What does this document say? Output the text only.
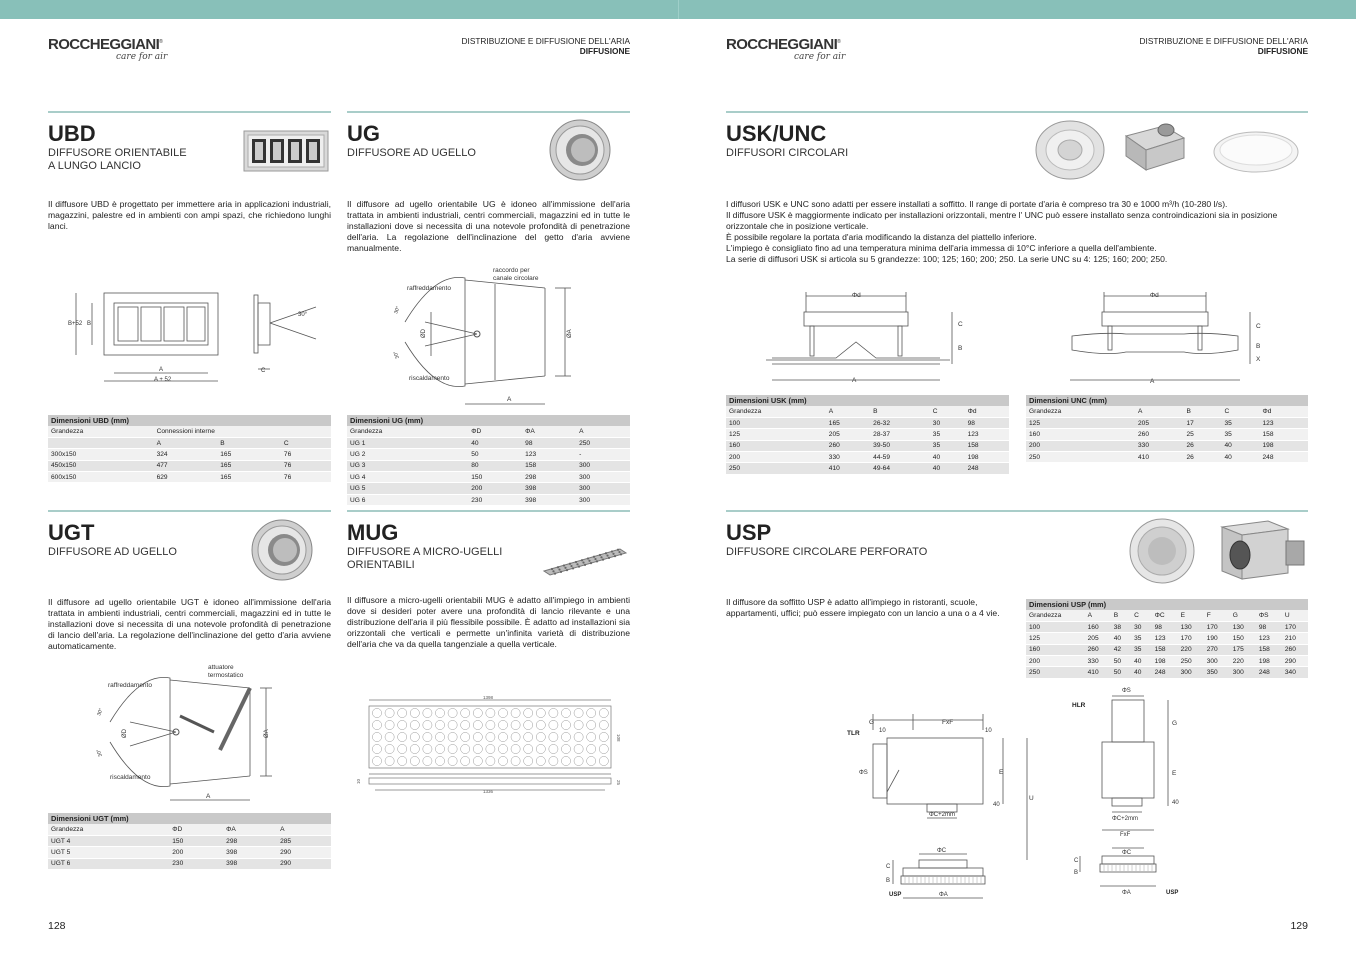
ROCCHEGGIANI®
care for air
DISTRIBUZIONE E DIFFUSIONE DELL'ARIA
DIFFUSIONE
UBD
DIFFUSORE ORIENTABILE
A LUNGO LANCIO
Il diffusore UBD è progettato per immettere aria in applicazioni industriali, magazzini, palestre ed in ambienti con ampi spazi, che richiedono lunghi lanci.
B+52 B
A
A + 52
C
30°
Dimensioni UBD (mm)			
Grandezza	Connessioni interne		
	A	B	C
300x150	324	165	76
450x150	477	165	76
600x150	629	165	76
UG
DIFFUSORE AD UGELLO
Il diffusore ad ugello orientabile UG è idoneo all'immissione dell'aria trattata in ambienti industriali, centri commerciali, magazzini ed in tutte le installazioni dove si necessita di una notevole profondità di penetrazione dell'aria. La regolazione dell'inclinazione del getto d'aria avviene manualmente.
raccordo per
canale circolare
raffreddamento
riscaldamento
ØD	ØA
A
30°
30°
Dimensioni UG (mm)			
Grandezza	ΦD	ΦA	A
UG 1	40	98	250
UG 2	50	123	-
UG 3	80	158	300
UG 4	150	298	300
UG 5	200	398	300
UG 6	230	398	300
UGT
DIFFUSORE AD UGELLO
Il diffusore ad ugello orientabile UGT è idoneo all'immissione dell'aria trattata in ambienti industriali, centri commerciali, magazzini ed in tutte le installazioni dove si necessita di una notevole profondità di penetrazione di lancio dell'aria. La regolazione dell'inclinazione del getto d'aria avviene automaticamente.
attuatore
termostatico
raffreddamento
riscaldamento
ØD	ØA
A
30°
30°
Dimensioni UGT (mm)			
Grandezza	ΦD	ΦA	A
UGT 4	150	298	285
UGT 5	200	398	290
UGT 6	230	398	290
MUG
DIFFUSORE A MICRO-UGELLI
ORIENTABILI
Il diffusore a micro-ugelli orientabili MUG è adatto all'impiego in ambienti dove si desideri poter avere una profondità di lancio rilevante e una distribuzione dell'aria il più flessibile possibile. È adatto ad installazioni sia orizzontali che verticali e permette un'infinita varietà di distribuzione dell'aria che va da quella tangenziale a quella verticale.
1398
1336
108
25
10
128
ROCCHEGGIANI®
care for air
DISTRIBUZIONE E DIFFUSIONE DELL'ARIA
DIFFUSIONE
USK/UNC
DIFFUSORI CIRCOLARI
I diffusori USK e UNC sono adatti per essere installati a soffitto. Il range di portate d'aria è compreso tra 30 e 1000 m³/h (10-280 l/s).
Il diffusore USK è maggiormente indicato per installazioni orizzontali, mentre l' UNC può essere installato senza controindicazioni sia in posizione orizzontale che in posizione verticale.
È possibile regolare la portata d'aria modificando la distanza del piattello inferiore.
L'impiego è consigliato fino ad una temperatura minima dell'aria immessa di 10°C inferiore a quella dell'ambiente.
La serie di diffusori USK si articola su 5 grandezze: 100; 125; 160; 200; 250. La serie UNC su 4: 125; 160; 200; 250.
Φd
C
B
A
Φd
C
B
X
A
Dimensioni USK (mm)				
Grandezza	A	B	C	Φd
100	165	26-32	30	98
125	205	28-37	35	123
160	260	39-50	35	158
200	330	44-59	40	198
250	410	49-64	40	248
Dimensioni UNC (mm)				
Grandezza	A	B	C	Φd
125	205	17	35	123
160	260	25	35	158
200	330	26	40	198
250	410	26	40	248
USP
DIFFUSORE CIRCOLARE PERFORATO
Il diffusore da soffitto USP è adatto all'impiego in ristoranti, scuole, appartamenti, uffici; può essere impiegato con un lancio a una o a 4 vie.
Dimensioni USP (mm)									
Grandezza	A	B	C	ΦC	E	F	G	ΦS	U
100	160	38	30	98	130	170	130	98	170
125	205	40	35	123	170	190	150	123	210
160	260	42	35	158	220	270	175	158	260
200	330	50	40	198	250	300	220	198	290
250	410	50	40	248	300	350	300	248	340
TLR
G	FxF
10	10
ΦS	E
U
40
ΦC+2mm
ΦC
C
B
USP	ΦA
ΦS
HLR
G
E
40
ΦC+2mm
FxF
ΦC
C
B
ΦA	USP
129
